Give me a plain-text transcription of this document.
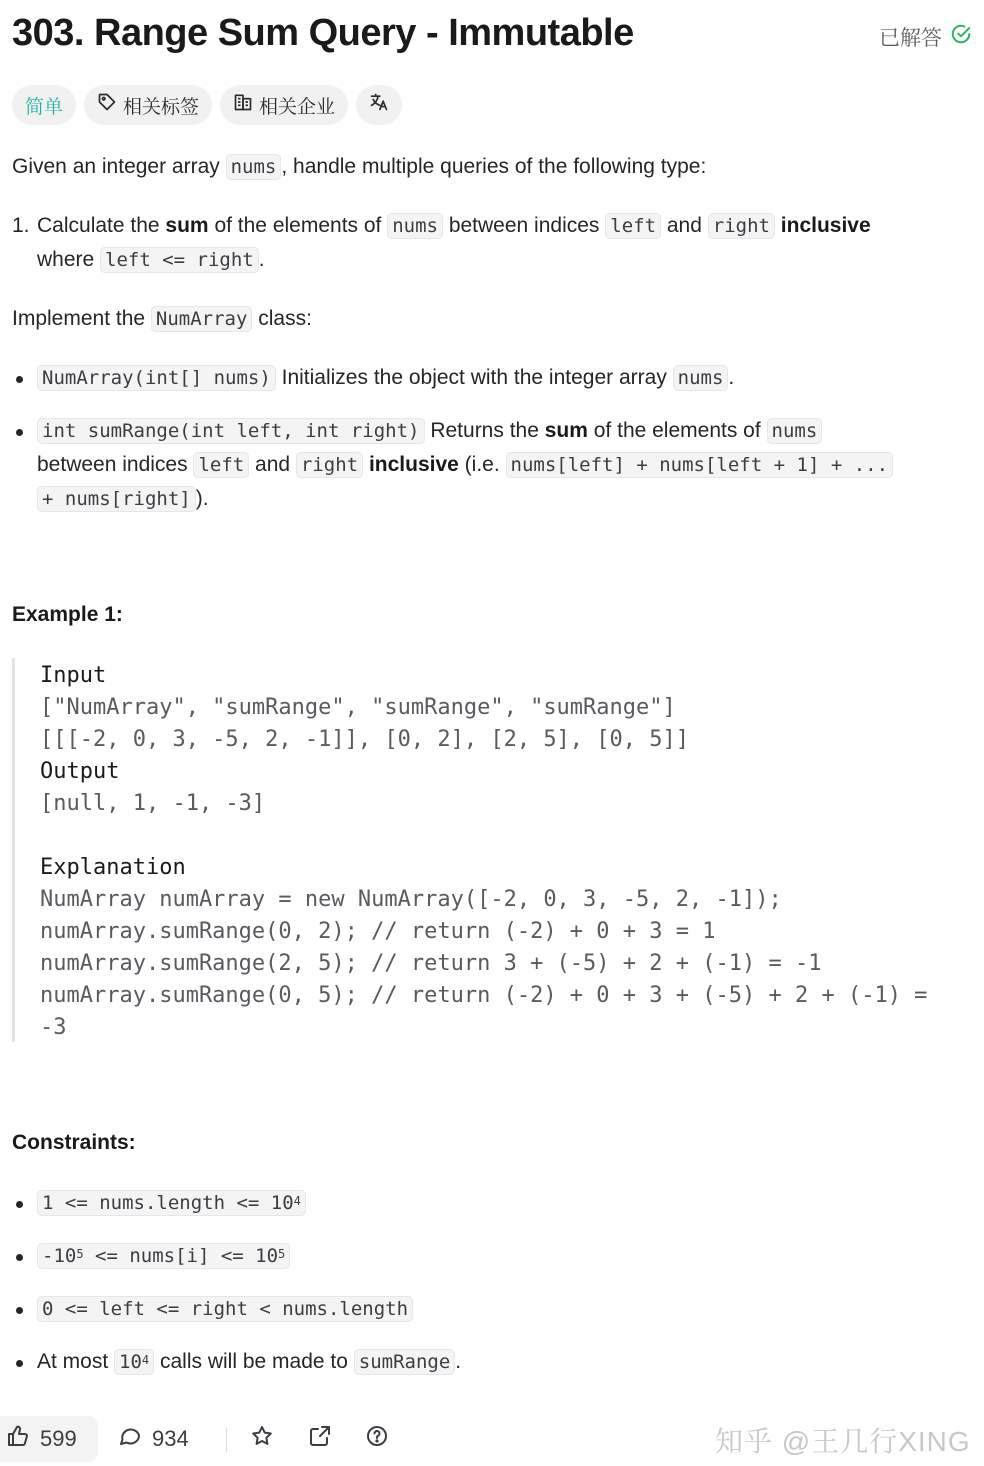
303. Range Sum Query - Immutable	已解答
简单	相关标签	相关企业
Given an integer array nums , handle multiple queries of the following type:
1. Calculate the sum of the elements of nums between indices left and right inclusive
where left <= right .
Implement the NumArray class:
NumArray(int[] nums) Initializes the object with the integer array nums .
int sumRange(int left, int right) Returns the sum of the elements of nums
between indices left and right inclusive (i.e. nums[left] + nums[left + 1] + ...
+ nums[right] ).
Example 1:
Input
["NumArray", "sumRange", "sumRange", "sumRange"]
[[[-2, 0, 3, -5, 2, -1]], [0, 2], [2, 5], [0, 5]]
Output
[null, 1, -1, -3]

Explanation
NumArray numArray = new NumArray([-2, 0, 3, -5, 2, -1]);
numArray.sumRange(0, 2); // return (-2) + 0 + 3 = 1
numArray.sumRange(2, 5); // return 3 + (-5) + 2 + (-1) = -1
numArray.sumRange(0, 5); // return (-2) + 0 + 3 + (-5) + 2 + (-1) =
-3
Constraints:
1 <= nums.length <= $10^4$
$-10^5$ <= nums[i] <= $10^5$
0 <= left <= right < nums.length
At most $10^4$ calls will be made to sumRange .
599	934	知乎 @王几行XING
